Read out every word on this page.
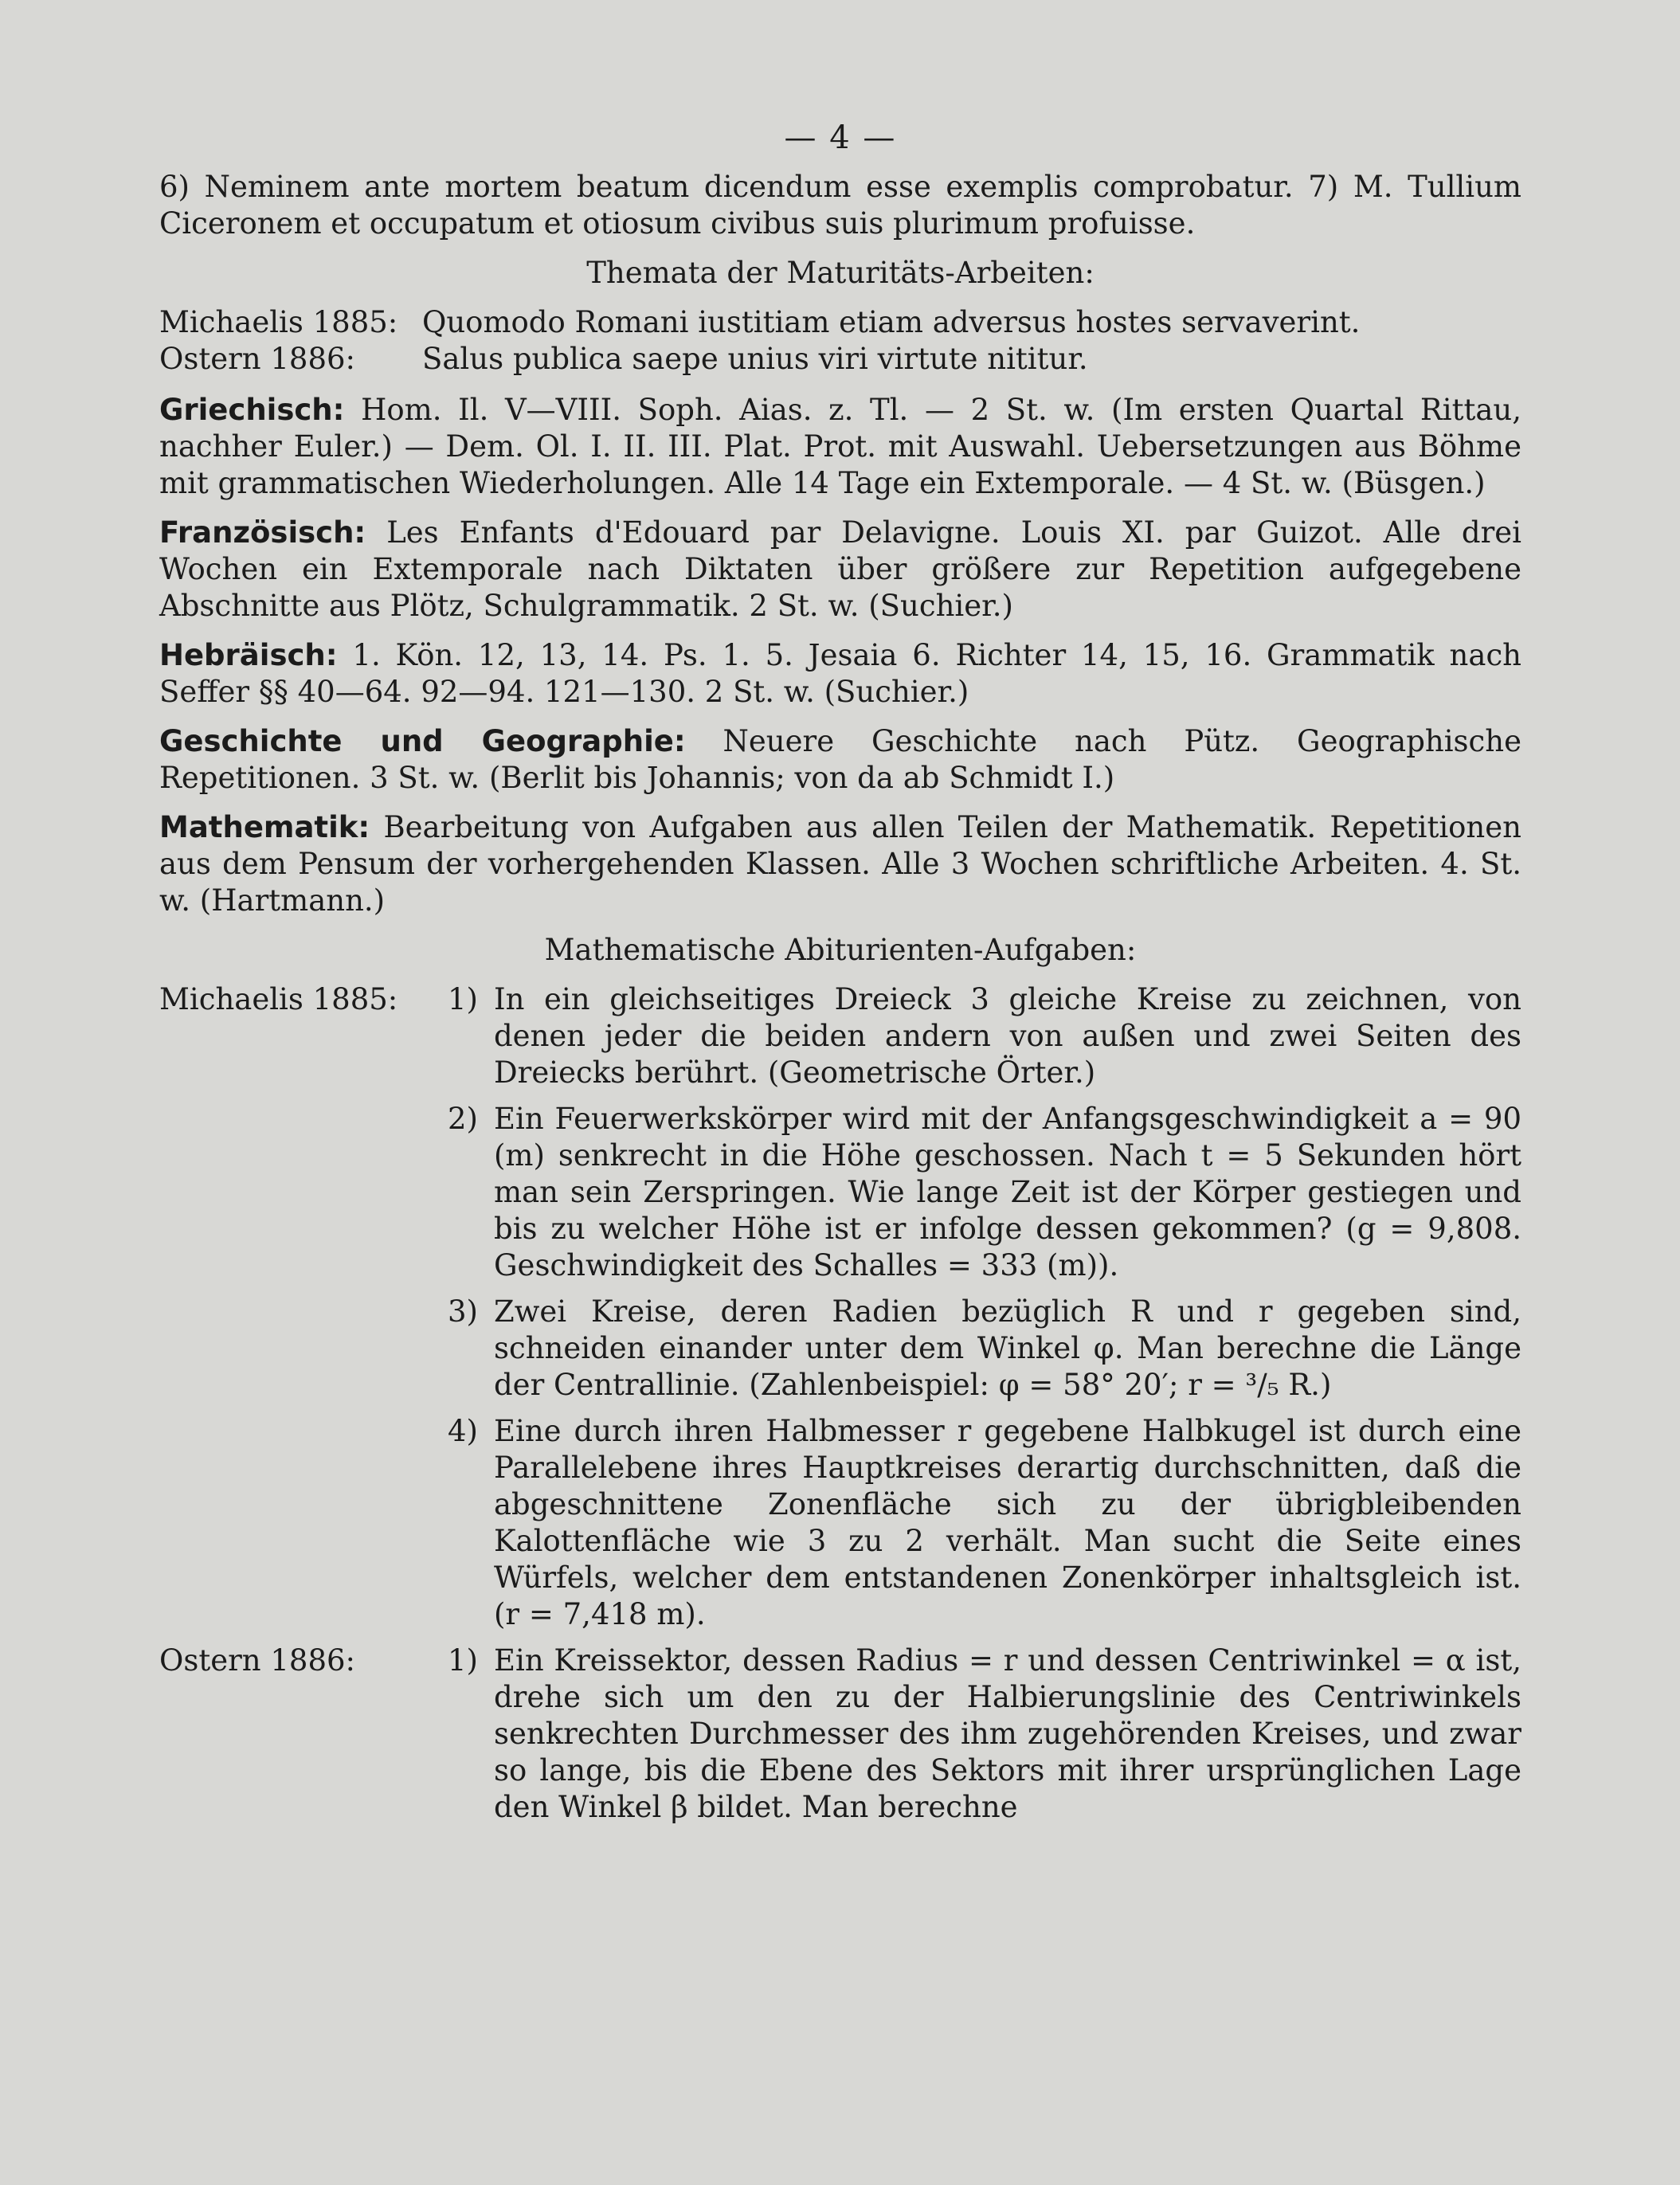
— 4 —

6) Neminem ante mortem beatum dicendum esse exemplis comprobatur. 7) M. Tullium Ciceronem et occupatum et otiosum civibus suis plurimum profuisse.

Themata der Maturitäts-Arbeiten:
Michaelis 1885: Quomodo Romani iustitiam etiam adversus hostes servaverint.
Ostern 1886:	Salus publica saepe unius viri virtute nititur.

Griechisch: Hom. Il. V—VIII. Soph. Aias. z. Tl. — 2 St. w. (Im ersten Quartal Rittau, nachher Euler.) — Dem. Ol. I. II. III. Plat. Prot. mit Auswahl. Uebersetzungen aus Böhme mit grammatischen Wiederholungen. Alle 14 Tage ein Extemporale. — 4 St. w. (Büsgen.)

Französisch: Les Enfants d'Edouard par Delavigne. Louis XI. par Guizot. Alle drei Wochen ein Extemporale nach Diktaten über größere zur Repetition aufgegebene Abschnitte aus Plötz, Schulgrammatik. 2 St. w. (Suchier.)

Hebräisch: 1. Kön. 12, 13, 14. Ps. 1. 5. Jesaia 6. Richter 14, 15, 16. Grammatik nach Seffer §§ 40—64. 92—94. 121—130. 2 St. w. (Suchier.)

Geschichte und Geographie: Neuere Geschichte nach Pütz. Geographische Repetitionen. 3 St. w. (Berlit bis Johannis; von da ab Schmidt I.)

Mathematik: Bearbeitung von Aufgaben aus allen Teilen der Mathematik. Repetitionen aus dem Pensum der vorhergehenden Klassen. Alle 3 Wochen schriftliche Arbeiten. 4. St. w. (Hartmann.)

Mathematische Abiturienten-Aufgaben:
Michaelis 1885:	1) In ein gleichseitiges Dreieck 3 gleiche Kreise zu zeichnen, von denen jeder die beiden andern von außen und zwei Seiten des Dreiecks berührt. (Geometrische Örter.)
2) Ein Feuerwerkskörper wird mit der Anfangsgeschwindigkeit a = 90 (m) senkrecht in die Höhe geschossen. Nach t = 5 Sekunden hört man sein Zerspringen. Wie lange Zeit ist der Körper gestiegen und bis zu welcher Höhe ist er infolge dessen gekommen? (g = 9,808. Geschwindigkeit des Schalles = 333 (m)).
3) Zwei Kreise, deren Radien bezüglich R und r gegeben sind, schneiden einander unter dem Winkel φ. Man berechne die Länge der Centrallinie. (Zahlenbeispiel: φ = 58° 20′; r = ³/₅ R.)
4) Eine durch ihren Halbmesser r gegebene Halbkugel ist durch eine Parallelebene ihres Hauptkreises derartig durchschnitten, daß die abgeschnittene Zonenfläche sich zu der übrigbleibenden Kalottenfläche wie 3 zu 2 verhält. Man sucht die Seite eines Würfels, welcher dem entstandenen Zonenkörper inhaltsgleich ist. (r = 7,418 m).
Ostern 1886:	1) Ein Kreissektor, dessen Radius = r und dessen Centriwinkel = α ist, drehe sich um den zu der Halbierungslinie des Centriwinkels senkrechten Durchmesser des ihm zugehörenden Kreises, und zwar so lange, bis die Ebene des Sektors mit ihrer ursprünglichen Lage den Winkel β bildet. Man berechne
